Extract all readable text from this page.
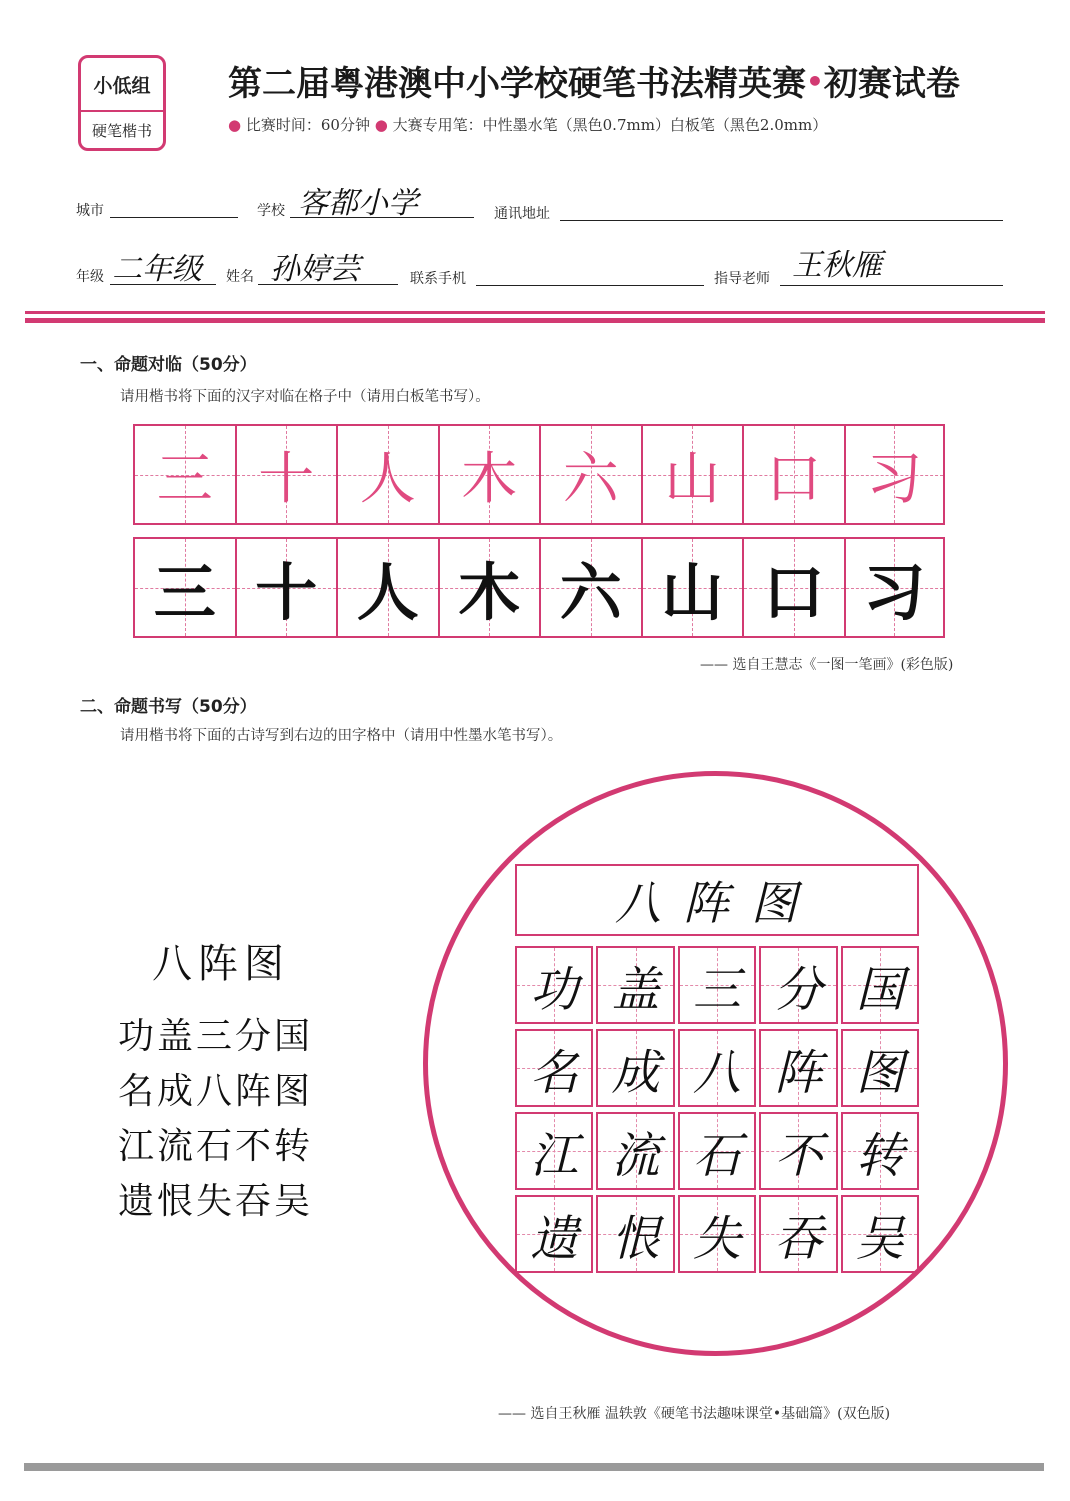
小低组
硬笔楷书
第二届粤港澳中小学校硬笔书法精英赛•初赛试卷
● 比赛时间：60分钟 ● 大赛专用笔：中性墨水笔（黑色0.7mm）白板笔（黑色2.0mm）
城市	学校 客都小学	通讯地址
年级 二年级 姓名 孙婷芸	联系手机	指导老师 王秋雁
一、命题对临（50分）
请用楷书将下面的汉字对临在格子中（请用白板笔书写）。
三 十 人 木 六 山 口 习
三 十 人 木 六 山 口 习
—— 选自王慧志《一图一笔画》(彩色版)
二、命题书写（50分）
请用楷书将下面的古诗写到右边的田字格中（请用中性墨水笔书写）。
八阵图
功盖三分国
名成八阵图
江流石不转
遗恨失吞吴
八阵图
功 盖 三 分 国
名 成 八 阵 图
江 流 石 不 转
遗 恨 失 吞 吴
—— 选自王秋雁 温轶敦《硬笔书法趣味课堂•基础篇》(双色版)
